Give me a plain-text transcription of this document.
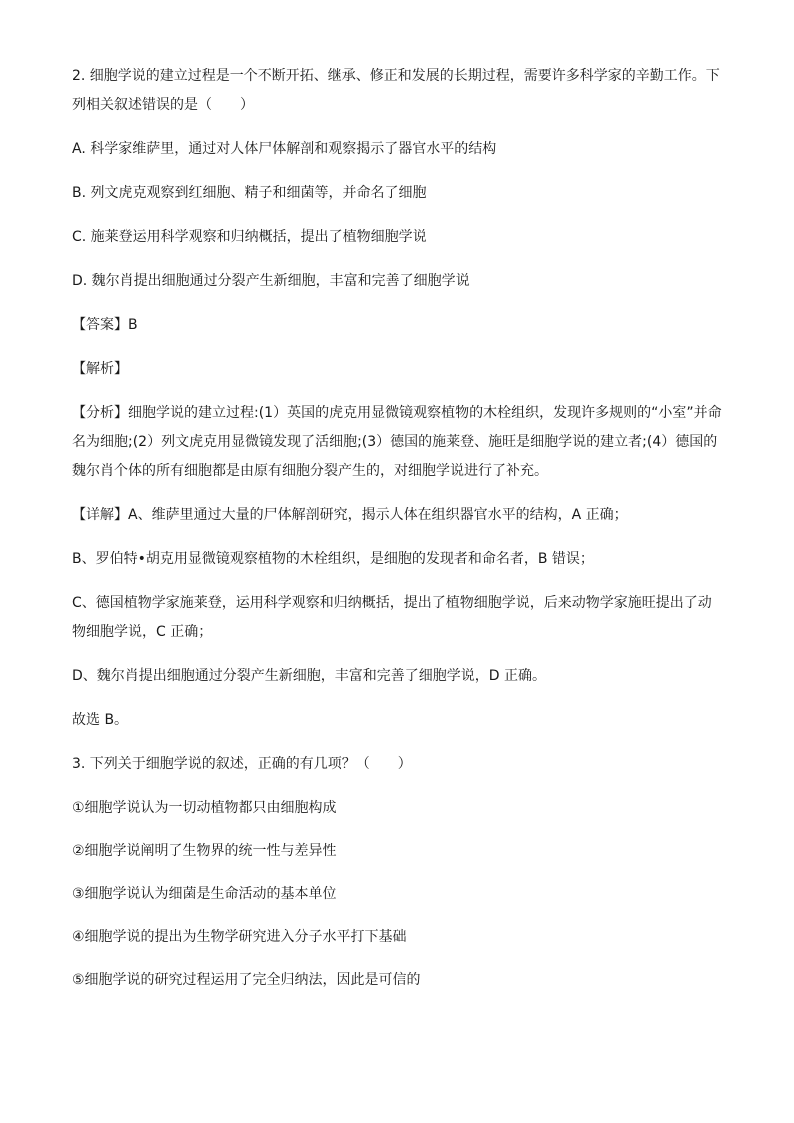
2. 细胞学说的建立过程是一个不断开拓、继承、修正和发展的长期过程，需要许多科学家的辛勤工作。下列相关叙述错误的是（　　）
A. 科学家维萨里，通过对人体尸体解剖和观察揭示了器官水平的结构
B. 列文虎克观察到红细胞、精子和细菌等，并命名了细胞
C. 施莱登运用科学观察和归纳概括，提出了植物细胞学说
D. 魏尔肖提出细胞通过分裂产生新细胞，丰富和完善了细胞学说
【答案】B
【解析】
【分析】细胞学说的建立过程:(1）英国的虎克用显微镜观察植物的木栓组织，发现许多规则的“小室”并命名为细胞;(2）列文虎克用显微镜发现了活细胞;(3）德国的施莱登、施旺是细胞学说的建立者;(4）德国的魏尔肖个体的所有细胞都是由原有细胞分裂产生的，对细胞学说进行了补充。
【详解】A、维萨里通过大量的尸体解剖研究，揭示人体在组织器官水平的结构，A 正确；
B、罗伯特•胡克用显微镜观察植物的木栓组织，是细胞的发现者和命名者，B 错误；
C、德国植物学家施莱登，运用科学观察和归纳概括，提出了植物细胞学说，后来动物学家施旺提出了动物细胞学说，C 正确；
D、魏尔肖提出细胞通过分裂产生新细胞，丰富和完善了细胞学说，D 正确。
故选 B。
3. 下列关于细胞学说的叙述，正确的有几项？（　　）
①细胞学说认为一切动植物都只由细胞构成
②细胞学说阐明了生物界的统一性与差异性
③细胞学说认为细菌是生命活动的基本单位
④细胞学说的提出为生物学研究进入分子水平打下基础
⑤细胞学说的研究过程运用了完全归纳法，因此是可信的
